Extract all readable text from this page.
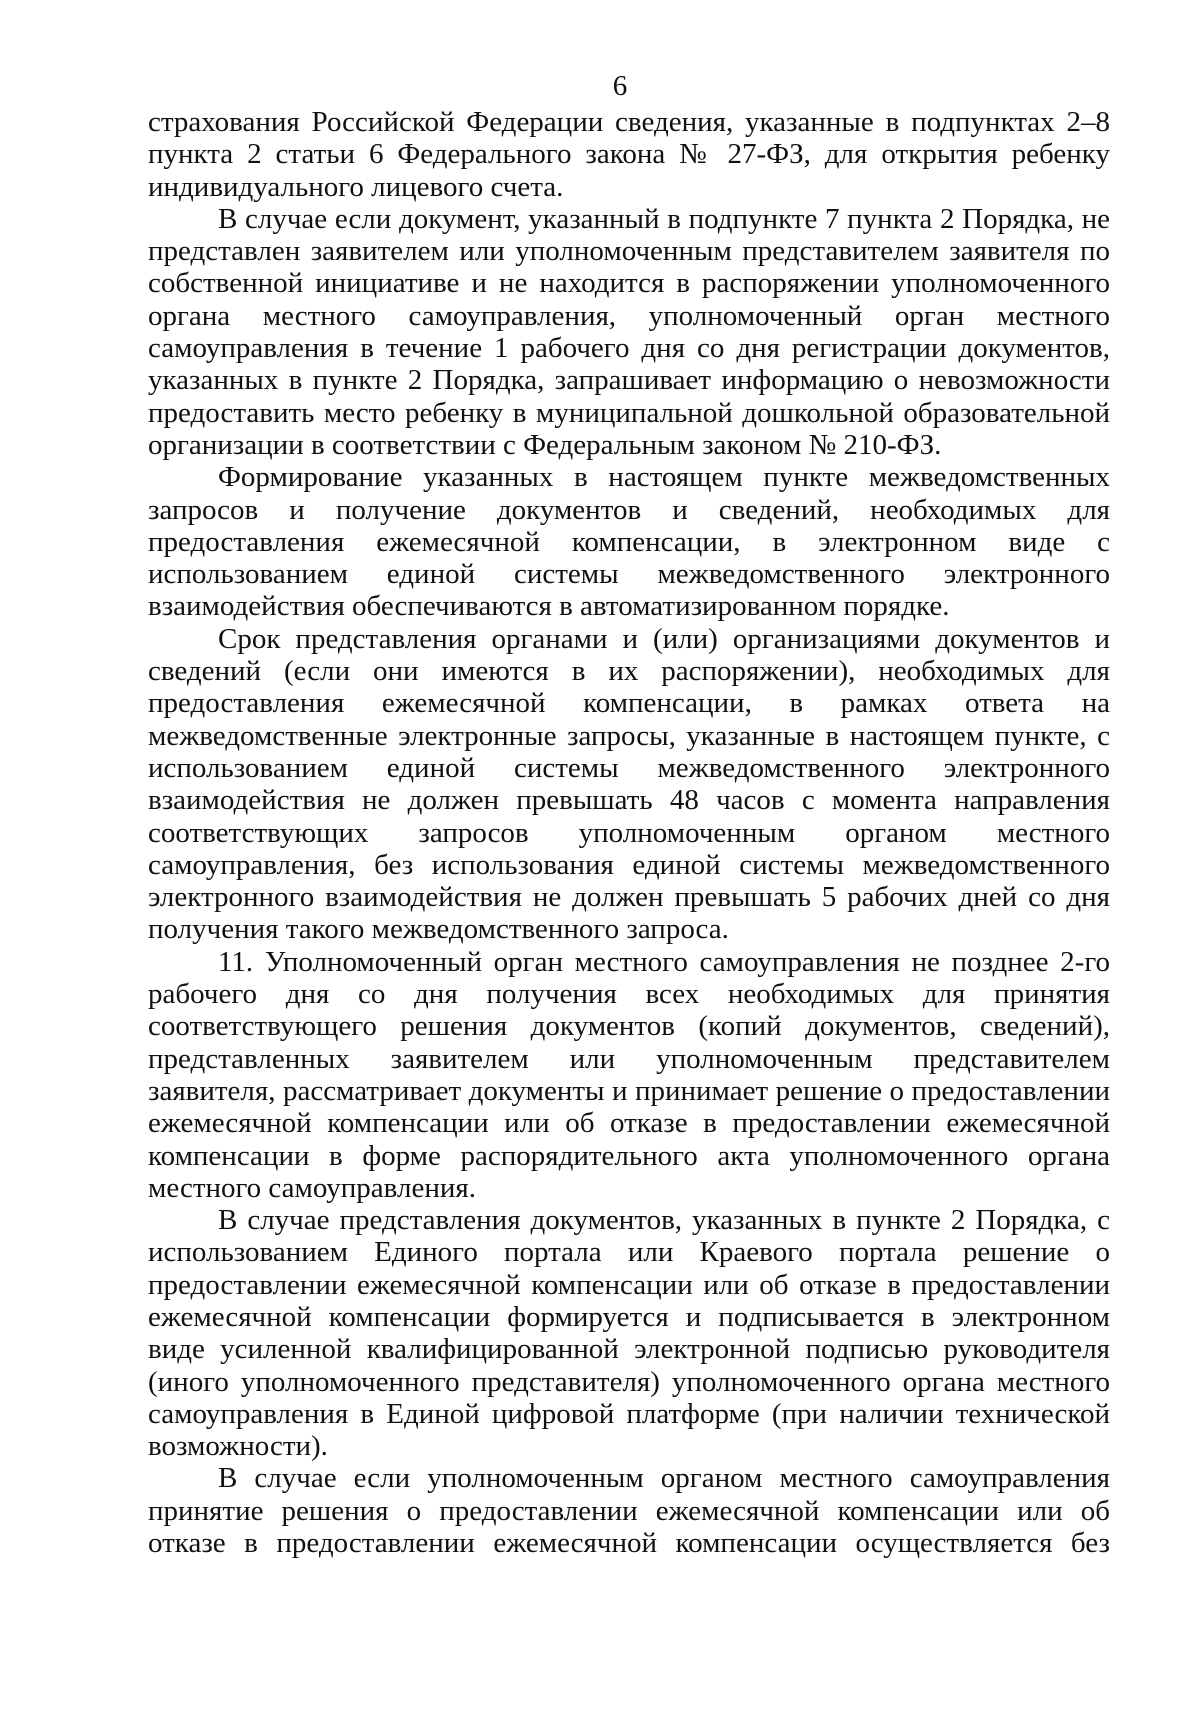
6

страхования Российской Федерации сведения, указанные в подпунктах 2–8 пункта 2 статьи 6 Федерального закона № 27-ФЗ, для открытия ребенку индивидуального лицевого счета.

В случае если документ, указанный в подпункте 7 пункта 2 Порядка, не представлен заявителем или уполномоченным представителем заявителя по собственной инициативе и не находится в распоряжении уполномоченного органа местного самоуправления, уполномоченный орган местного самоуправления в течение 1 рабочего дня со дня регистрации документов, указанных в пункте 2 Порядка, запрашивает информацию о невозможности предоставить место ребенку в муниципальной дошкольной образовательной организации в соответствии с Федеральным законом № 210-ФЗ.

Формирование указанных в настоящем пункте межведомственных запросов и получение документов и сведений, необходимых для предоставления ежемесячной компенсации, в электронном виде с использованием единой системы межведомственного электронного взаимодействия обеспечиваются в автоматизированном порядке.

Срок представления органами и (или) организациями документов и сведений (если они имеются в их распоряжении), необходимых для предоставления ежемесячной компенсации, в рамках ответа на межведомственные электронные запросы, указанные в настоящем пункте, с использованием единой системы межведомственного электронного взаимодействия не должен превышать 48 часов с момента направления соответствующих запросов уполномоченным органом местного самоуправления, без использования единой системы межведомственного электронного взаимодействия не должен превышать 5 рабочих дней со дня получения такого межведомственного запроса.

11. Уполномоченный орган местного самоуправления не позднее 2-го рабочего дня со дня получения всех необходимых для принятия соответствующего решения документов (копий документов, сведений), представленных заявителем или уполномоченным представителем заявителя, рассматривает документы и принимает решение о предоставлении ежемесячной компенсации или об отказе в предоставлении ежемесячной компенсации в форме распорядительного акта уполномоченного органа местного самоуправления.

В случае представления документов, указанных в пункте 2 Порядка, с использованием Единого портала или Краевого портала решение о предоставлении ежемесячной компенсации или об отказе в предоставлении ежемесячной компенсации формируется и подписывается в электронном виде усиленной квалифицированной электронной подписью руководителя (иного уполномоченного представителя) уполномоченного органа местного самоуправления в Единой цифровой платформе (при наличии технической возможности).

В случае если уполномоченным органом местного самоуправления принятие решения о предоставлении ежемесячной компенсации или об отказе в предоставлении ежемесячной компенсации осуществляется без
